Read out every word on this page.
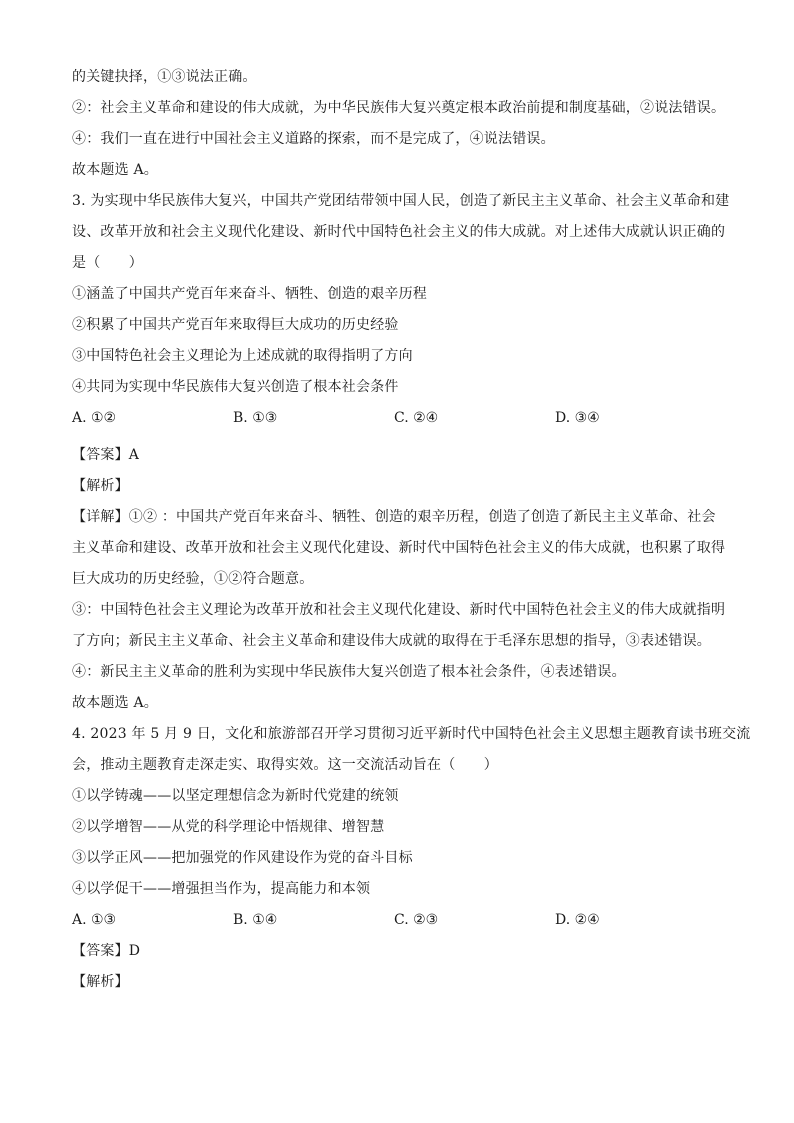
的关键抉择，①③说法正确。
②：社会主义革命和建设的伟大成就，为中华民族伟大复兴奠定根本政治前提和制度基础，②说法错误。
④：我们一直在进行中国社会主义道路的探索，而不是完成了，④说法错误。
故本题选 A。
3. 为实现中华民族伟大复兴，中国共产党团结带领中国人民，创造了新民主主义革命、社会主义革命和建
设、改革开放和社会主义现代化建设、新时代中国特色社会主义的伟大成就。对上述伟大成就认识正确的
是（　　）
①涵盖了中国共产党百年来奋斗、牺牲、创造的艰辛历程
②积累了中国共产党百年来取得巨大成功的历史经验
③中国特色社会主义理论为上述成就的取得指明了方向
④共同为实现中华民族伟大复兴创造了根本社会条件
A. ①②	B. ①③	C. ②④	D. ③④
【答案】A
【解析】
【详解】①② ：中国共产党百年来奋斗、牺牲、创造的艰辛历程，创造了创造了新民主主义革命、社会
主义革命和建设、改革开放和社会主义现代化建设、新时代中国特色社会主义的伟大成就，也积累了取得
巨大成功的历史经验，①②符合题意。
③：中国特色社会主义理论为改革开放和社会主义现代化建设、新时代中国特色社会主义的伟大成就指明
了方向；新民主主义革命、社会主义革命和建设伟大成就的取得在于毛泽东思想的指导，③表述错误。
④：新民主主义革命的胜利为实现中华民族伟大复兴创造了根本社会条件，④表述错误。
故本题选 A。
4. 2023 年 5 月 9 日，文化和旅游部召开学习贯彻习近平新时代中国特色社会主义思想主题教育读书班交流
会，推动主题教育走深走实、取得实效。这一交流活动旨在（　　）
①以学铸魂——以坚定理想信念为新时代党建的统领
②以学增智——从党的科学理论中悟规律、增智慧
③以学正风——把加强党的作风建设作为党的奋斗目标
④以学促干——增强担当作为，提高能力和本领
A. ①③	B. ①④	C. ②③	D. ②④
【答案】D
【解析】
